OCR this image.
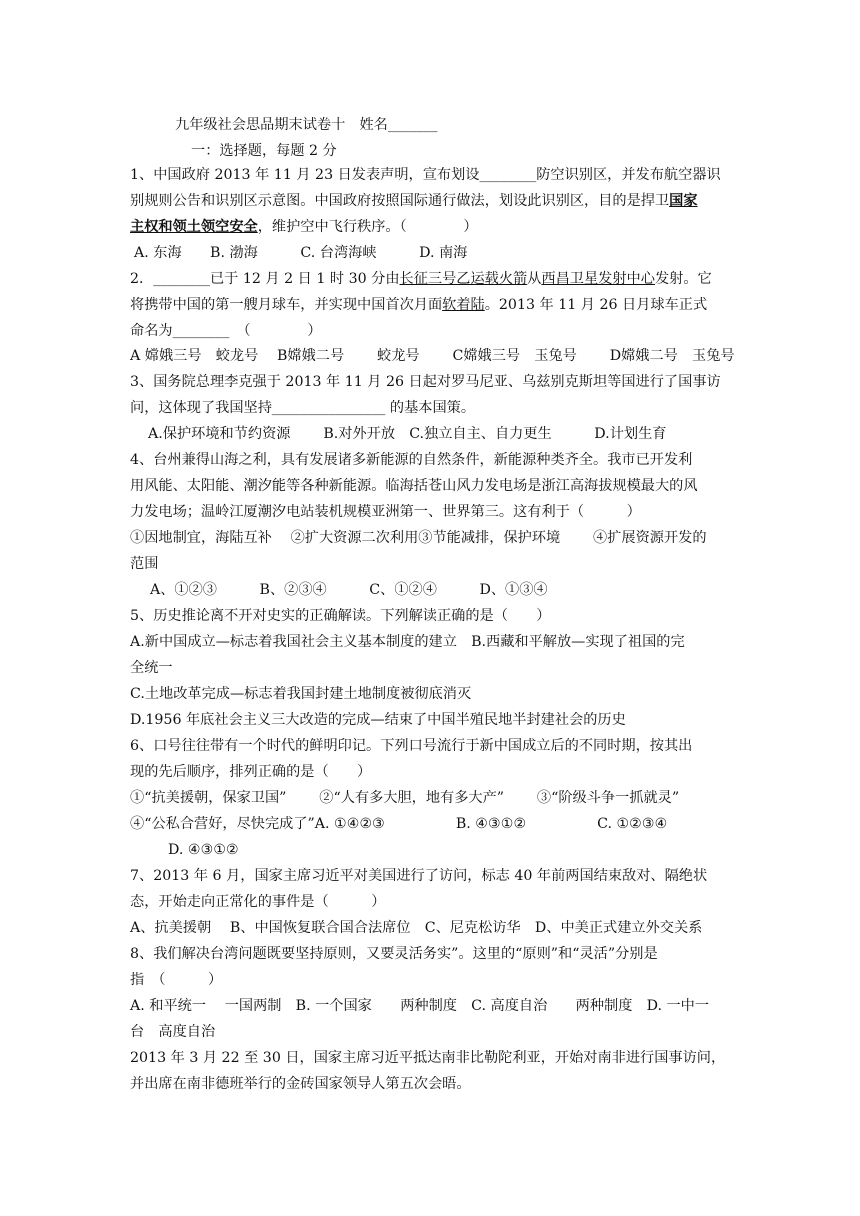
九年级社会思品期末试卷十　姓名_______
一：选择题，每题 2 分
1、中国政府 2013 年 11 月 23 日发表声明，宣布划设________防空识别区，并发布航空器识
别规则公告和识别区示意图。中国政府按照国际通行做法，划设此识别区，目的是捍卫国家
主权和领土领空安全，维护空中飞行秩序。（　　　　）
A. 东海　　B. 渤海　　　C. 台湾海峡　　　D. 南海
2．________已于 12 月 2 日 1 时 30 分由长征三号乙运载火箭从西昌卫星发射中心发射。它
将携带中国的第一艘月球车，并实现中国首次月面软着陆。2013 年 11 月 26 日月球车正式
命名为________　（　　　　）
A 嫦娥三号　蛟龙号　 B嫦娥二号　　 蛟龙号　　 C嫦娥三号　玉兔号　　 D嫦娥二号　玉兔号
3、国务院总理李克强于 2013 年 11 月 26 日起对罗马尼亚、乌兹别克斯坦等国进行了国事访
问，这体现了我国坚持________________ 的基本国策。
A.保护环境和节约资源　　 B.对外开放　C.独立自主、自力更生　　　D.计划生育
4、台州兼得山海之利，具有发展诸多新能源的自然条件，新能源种类齐全。我市已开发利
用风能、太阳能、潮汐能等各种新能源。临海括苍山风力发电场是浙江高海拔规模最大的风
力发电场；温岭江厦潮汐电站装机规模亚洲第一、世界第三。这有利于（　　　）
①因地制宜，海陆互补　 ②扩大资源二次利用③节能减排，保护环境　　 ④扩展资源开发的
范围
A、①②③　　　B、②③④　　　C、①②④　　　D、①③④
5、历史推论离不开对史实的正确解读。下列解读正确的是（　　）
A.新中国成立—标志着我国社会主义基本制度的建立　B.西藏和平解放—实现了祖国的完
全统一
C.土地改革完成—标志着我国封建土地制度被彻底消灭
D.1956 年底社会主义三大改造的完成—结束了中国半殖民地半封建社会的历史
6、口号往往带有一个时代的鲜明印记。下列口号流行于新中国成立后的不同时期，按其出
现的先后顺序，排列正确的是（　　）
①“抗美援朝，保家卫国”　　 ②“人有多大胆，地有多大产”　　 ③“阶级斗争一抓就灵”
④“公私合营好，尽快完成了”A. ①④②③　　　　　B. ④③①②　　　　　C. ①②③④
D. ④③①②
7、2013 年 6 月，国家主席习近平对美国进行了访问，标志 40 年前两国结束敌对、隔绝状
态，开始走向正常化的事件是（　　　）
A、抗美援朝　 B、中国恢复联合国合法席位　C、尼克松访华　D、中美正式建立外交关系
8、我们解决台湾问题既要坚持原则，又要灵活务实”。这里的“原则”和“灵活”分别是
指　（　　　）
A. 和平统一　 一国两制　B. 一个国家　　两种制度　C. 高度自治　　两种制度　D. 一中一
台　高度自治
2013 年 3 月 22 至 30 日，国家主席习近平抵达南非比勒陀利亚，开始对南非进行国事访问，
并出席在南非德班举行的金砖国家领导人第五次会晤。
